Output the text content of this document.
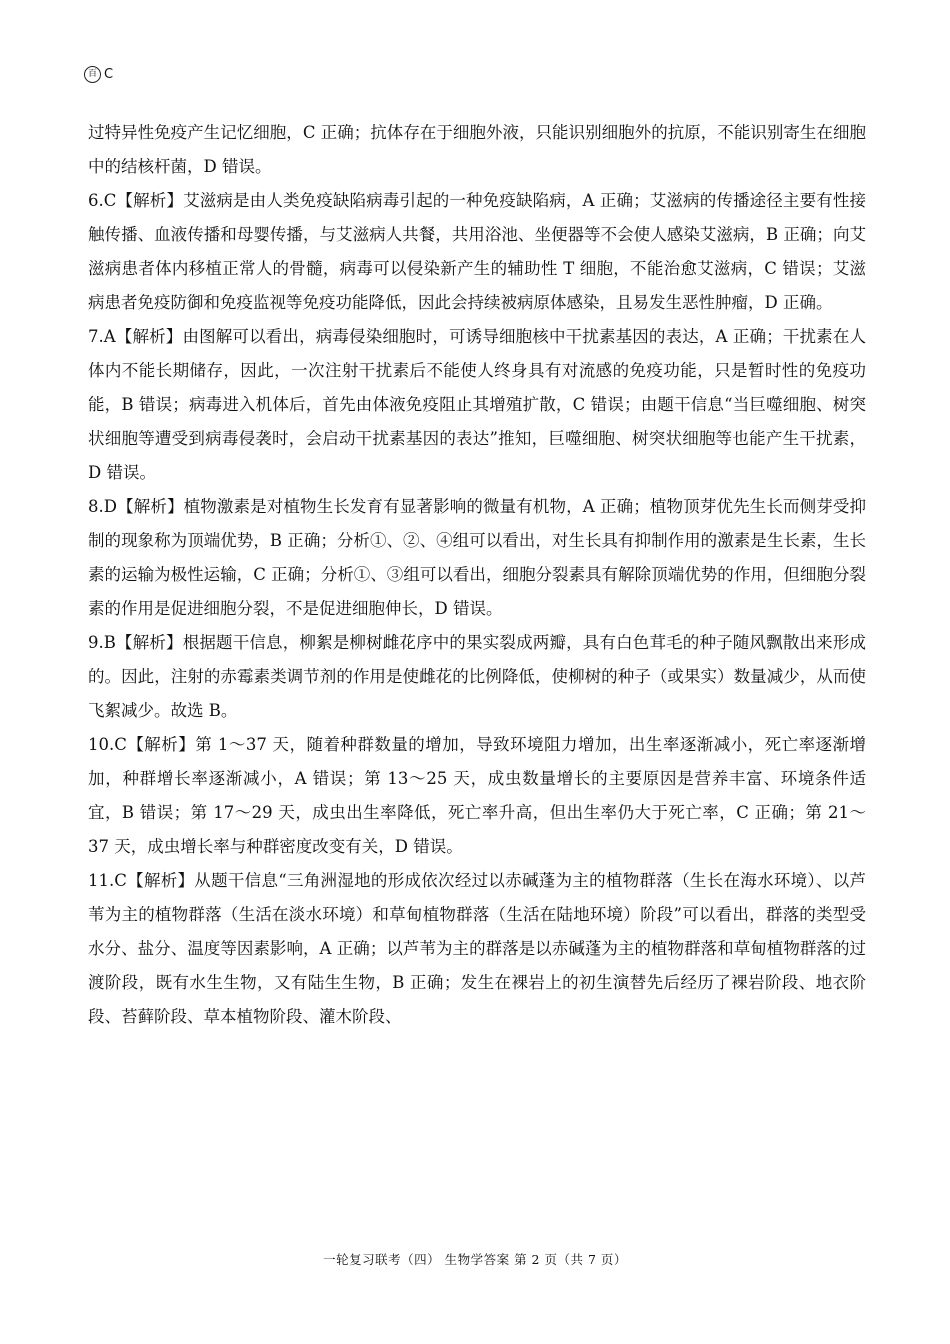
百 C

过特异性免疫产生记忆细胞，C 正确；抗体存在于细胞外液，只能识别细胞外的抗原，不能识别寄生在细胞中的结核杆菌，D 错误。

6.C【解析】艾滋病是由人类免疫缺陷病毒引起的一种免疫缺陷病，A 正确；艾滋病的传播途径主要有性接触传播、血液传播和母婴传播，与艾滋病人共餐，共用浴池、坐便器等不会使人感染艾滋病，B 正确；向艾滋病患者体内移植正常人的骨髓，病毒可以侵染新产生的辅助性 T 细胞，不能治愈艾滋病，C 错误；艾滋病患者免疫防御和免疫监视等免疫功能降低，因此会持续被病原体感染，且易发生恶性肿瘤，D 正确。

7.A【解析】由图解可以看出，病毒侵染细胞时，可诱导细胞核中干扰素基因的表达，A 正确；干扰素在人体内不能长期储存，因此，一次注射干扰素后不能使人终身具有对流感的免疫功能，只是暂时性的免疫功能，B 错误；病毒进入机体后，首先由体液免疫阻止其增殖扩散，C 错误；由题干信息“当巨噬细胞、树突状细胞等遭受到病毒侵袭时，会启动干扰素基因的表达”推知，巨噬细胞、树突状细胞等也能产生干扰素，D 错误。

8.D【解析】植物激素是对植物生长发育有显著影响的微量有机物，A 正确；植物顶芽优先生长而侧芽受抑制的现象称为顶端优势，B 正确；分析①、②、④组可以看出，对生长具有抑制作用的激素是生长素，生长素的运输为极性运输，C 正确；分析①、③组可以看出，细胞分裂素具有解除顶端优势的作用，但细胞分裂素的作用是促进细胞分裂，不是促进细胞伸长，D 错误。

9.B【解析】根据题干信息，柳絮是柳树雌花序中的果实裂成两瓣，具有白色茸毛的种子随风飘散出来形成的。因此，注射的赤霉素类调节剂的作用是使雌花的比例降低，使柳树的种子（或果实）数量减少，从而使飞絮减少。故选 B。

10.C【解析】第 1～37 天，随着种群数量的增加，导致环境阻力增加，出生率逐渐减小，死亡率逐渐增加，种群增长率逐渐减小，A 错误；第 13～25 天，成虫数量增长的主要原因是营养丰富、环境条件适宜，B 错误；第 17～29 天，成虫出生率降低，死亡率升高，但出生率仍大于死亡率，C 正确；第 21～37 天，成虫增长率与种群密度改变有关，D 错误。

11.C【解析】从题干信息“三角洲湿地的形成依次经过以赤碱蓬为主的植物群落（生长在海水环境）、以芦苇为主的植物群落（生活在淡水环境）和草甸植物群落（生活在陆地环境）阶段”可以看出，群落的类型受水分、盐分、温度等因素影响，A 正确；以芦苇为主的群落是以赤碱蓬为主的植物群落和草甸植物群落的过渡阶段，既有水生生物，又有陆生生物，B 正确；发生在裸岩上的初生演替先后经历了裸岩阶段、地衣阶段、苔藓阶段、草本植物阶段、灌木阶段、

一轮复习联考（四） 生物学答案 第 2 页（共 7 页）
